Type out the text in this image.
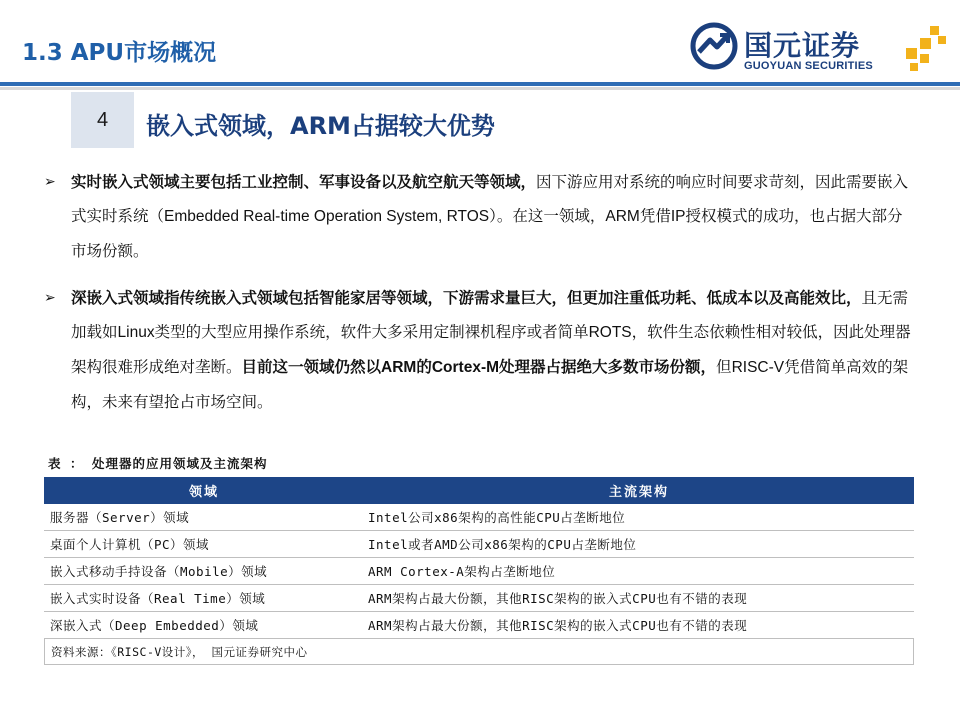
1.3 APU市场概况	国元证券
GUOYUAN SECURITIES
4 嵌入式领域，ARM占据较大优势
➢ 实时嵌入式领域主要包括工业控制、军事设备以及航空航天等领域，因下游应用对系统的响应时间要求苛刻，因此需要嵌入式实时系统（Embedded Real-time Operation System, RTOS）。在这一领域，ARM凭借IP授权模式的成功，也占据大部分市场份额。
➢ 深嵌入式领域指传统嵌入式领域包括智能家居等领域，下游需求量巨大，但更加注重低功耗、低成本以及高能效比，且无需加载如Linux类型的大型应用操作系统，软件大多采用定制裸机程序或者简单ROTS，软件生态依赖性相对较低，因此处理器架构很难形成绝对垄断。目前这一领域仍然以ARM的Cortex-M处理器占据绝大多数市场份额，但RISC-V凭借简单高效的架构，未来有望抢占市场空间。
表 ： 处理器的应用领域及主流架构
领域	主流架构
服务器（Server）领域	Intel公司x86架构的高性能CPU占垄断地位
桌面个人计算机（PC）领域	Intel或者AMD公司x86架构的CPU占垄断地位
嵌入式移动手持设备（Mobile）领域	ARM Cortex-A架构占垄断地位
嵌入式实时设备（Real Time）领域	ARM架构占最大份额，其他RISC架构的嵌入式CPU也有不错的表现
深嵌入式（Deep Embedded）领域	ARM架构占最大份额，其他RISC架构的嵌入式CPU也有不错的表现
资料来源：《RISC-V设计》， 国元证券研究中心
